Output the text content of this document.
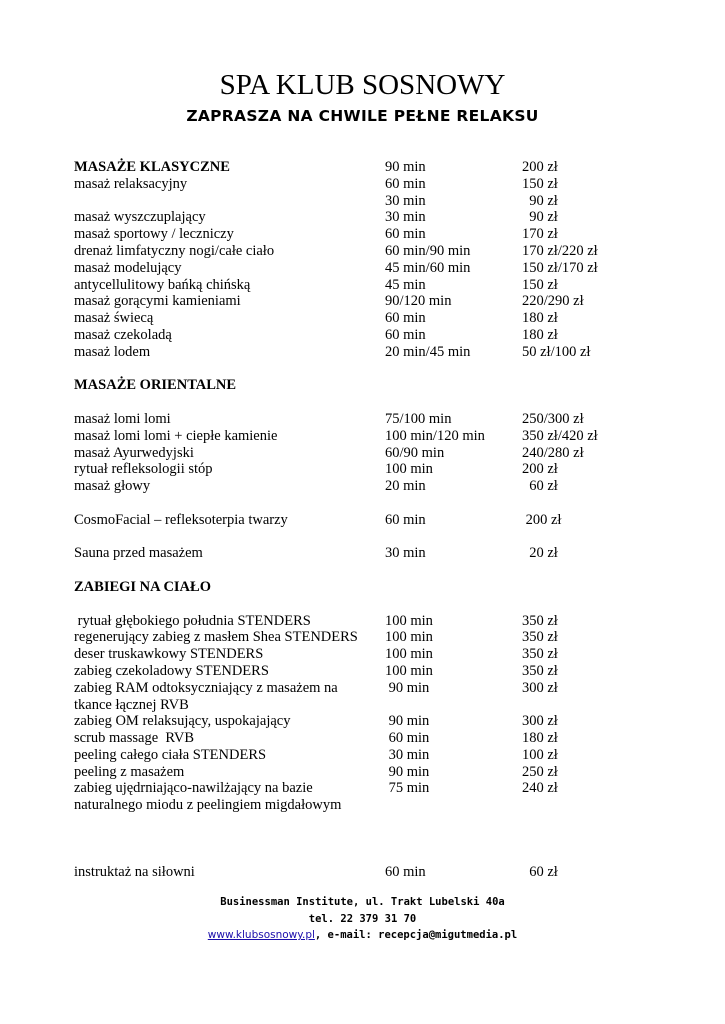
SPA KLUB SOSNOWY
ZAPRASZA NA CHWILE PEŁNE RELAKSU
MASAŻE KLASYCZNE	90 min	200 zł
masaż relaksacyjny	60 min	150 zł
30 min	90 zł
masaż wyszczuplający	30 min	90 zł
masaż sportowy / leczniczy	60 min	170 zł
drenaż limfatyczny nogi/całe ciało	60 min/90 min	170 zł/220 zł
masaż modelujący	45 min/60 min	150 zł/170 zł
antycellulitowy bańką chińską	45 min	150 zł
masaż gorącymi kamieniami	90/120 min	220/290 zł
masaż świecą	60 min	180 zł
masaż czekoladą	60 min	180 zł
masaż lodem	20 min/45 min	50 zł/100 zł
MASAŻE ORIENTALNE
masaż lomi lomi	75/100 min	250/300 zł
masaż lomi lomi + ciepłe kamienie	100 min/120 min	350 zł/420 zł
masaż Ayurwedyjski	60/90 min	240/280 zł
rytuał refleksologii stóp	100 min	200 zł
masaż głowy	20 min	60 zł
CosmoFacial – refleksoterpia twarzy	60 min	200 zł
Sauna przed masażem	30 min	20 zł
ZABIEGI NA CIAŁO
rytuał głębokiego południa STENDERS	100 min	350 zł
regenerujący zabieg z masłem Shea STENDERS 100 min	350 zł
deser truskawkowy STENDERS	100 min	350 zł
zabieg czekoladowy STENDERS	100 min	350 zł
zabieg RAM odtoksyczniający z masażem na	90 min	300 zł
tkance łącznej RVB
zabieg OM relaksujący, uspokajający	90 min	300 zł
scrub massage  RVB	60 min	180 zł
peeling całego ciała STENDERS	30 min	100 zł
peeling z masażem	90 min	250 zł
zabieg ujędrniająco-nawilżający na bazie	75 min	240 zł
naturalnego miodu z peelingiem migdałowym
instruktaż na siłowni	60 min	60 zł
Businessman Institute, ul. Trakt Lubelski 40a
tel. 22 379 31 70
www.klubsosnowy.pl, e-mail: recepcja@migutmedia.pl
